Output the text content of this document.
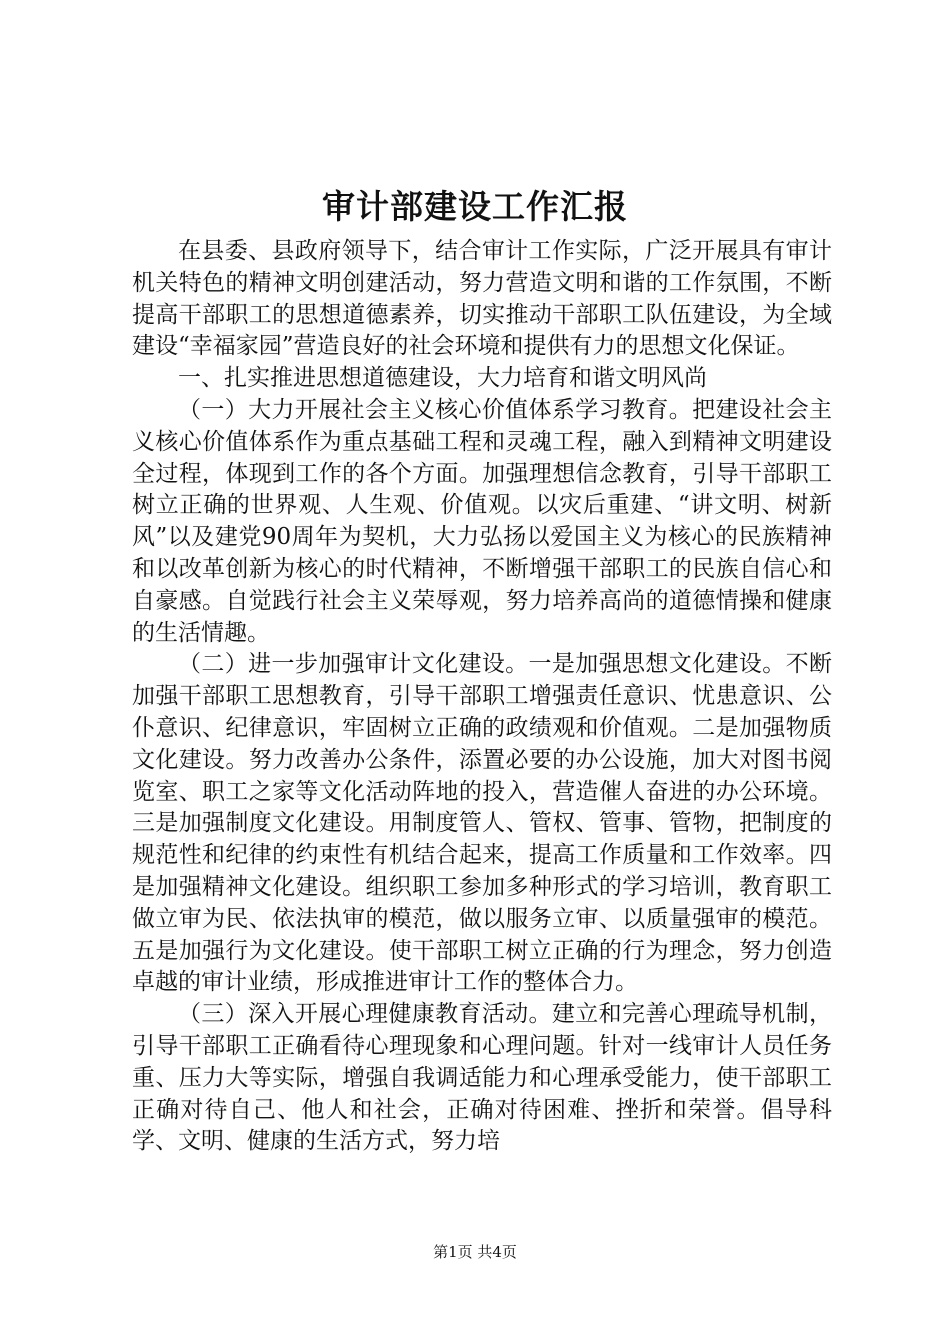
审计部建设工作汇报

在县委、县政府领导下，结合审计工作实际，广泛开展具有审计机关特色的精神文明创建活动，努力营造文明和谐的工作氛围，不断提高干部职工的思想道德素养，切实推动干部职工队伍建设，为全域建设“幸福家园”营造良好的社会环境和提供有力的思想文化保证。

一、扎实推进思想道德建设，大力培育和谐文明风尚

（一）大力开展社会主义核心价值体系学习教育。把建设社会主义核心价值体系作为重点基础工程和灵魂工程，融入到精神文明建设全过程，体现到工作的各个方面。加强理想信念教育，引导干部职工树立正确的世界观、人生观、价值观。以灾后重建、“讲文明、树新风”以及建党90周年为契机，大力弘扬以爱国主义为核心的民族精神和以改革创新为核心的时代精神，不断增强干部职工的民族自信心和自豪感。自觉践行社会主义荣辱观，努力培养高尚的道德情操和健康的生活情趣。

（二）进一步加强审计文化建设。一是加强思想文化建设。不断加强干部职工思想教育，引导干部职工增强责任意识、忧患意识、公仆意识、纪律意识，牢固树立正确的政绩观和价值观。二是加强物质文化建设。努力改善办公条件，添置必要的办公设施，加大对图书阅览室、职工之家等文化活动阵地的投入，营造催人奋进的办公环境。三是加强制度文化建设。用制度管人、管权、管事、管物，把制度的规范性和纪律的约束性有机结合起来，提高工作质量和工作效率。四是加强精神文化建设。组织职工参加多种形式的学习培训，教育职工做立审为民、依法执审的模范，做以服务立审、以质量强审的模范。五是加强行为文化建设。使干部职工树立正确的行为理念，努力创造卓越的审计业绩，形成推进审计工作的整体合力。

（三）深入开展心理健康教育活动。建立和完善心理疏导机制，引导干部职工正确看待心理现象和心理问题。针对一线审计人员任务重、压力大等实际，增强自我调适能力和心理承受能力，使干部职工正确对待自己、他人和社会，正确对待困难、挫折和荣誉。倡导科学、文明、健康的生活方式，努力培

第1页 共4页
